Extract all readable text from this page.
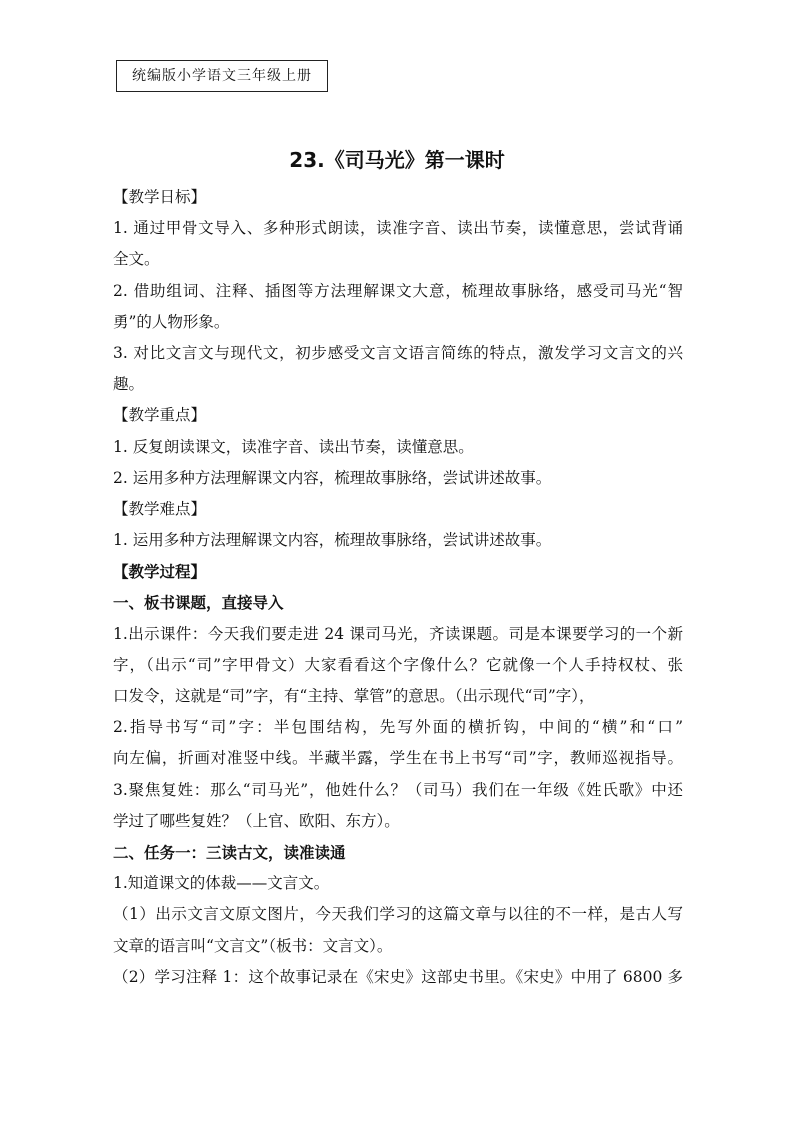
统编版小学语文三年级上册
23.《司马光》第一课时
【教学日标】
1. 通过甲骨文导入、多种形式朗读，读准字音、读出节奏，读懂意思，尝试背诵
全文。
2. 借助组词、注释、插图等方法理解课文大意，梳理故事脉络，感受司马光“智
勇”的人物形象。
3. 对比文言文与现代文，初步感受文言文语言简练的特点，激发学习文言文的兴
趣。
【教学重点】
1. 反复朗读课文，读准字音、读出节奏，读懂意思。
2. 运用多种方法理解课文内容，梳理故事脉络，尝试讲述故事。
【教学难点】
1. 运用多种方法理解课文内容，梳理故事脉络，尝试讲述故事。
【教学过程】
一、板书课题，直接导入
1.出示课件：今天我们要走进 24 课司马光，齐读课题。司是本课要学习的一个新
字，（出示“司”字甲骨文）大家看看这个字像什么？它就像一个人手持权杖、张
口发令，这就是“司”字，有“主持、掌管”的意思。（出示现代“司”字），
2.指导书写“司”字：半包围结构，先写外面的横折钩，中间的“横”和“口”
向左偏，折画对准竖中线。半藏半露，学生在书上书写“司”字，教师巡视指导。
3.聚焦复姓：那么“司马光”，他姓什么？（司马）我们在一年级《姓氏歌》中还
学过了哪些复姓？（上官、欧阳、东方）。
二、任务一：三读古文，读准读通
1.知道课文的体裁——文言文。
（1）出示文言文原文图片，今天我们学习的这篇文章与以往的不一样，是古人写
文章的语言叫“文言文”（板书：文言文）。
（2）学习注释 1：这个故事记录在《宋史》这部史书里。《宋史》中用了 6800 多
